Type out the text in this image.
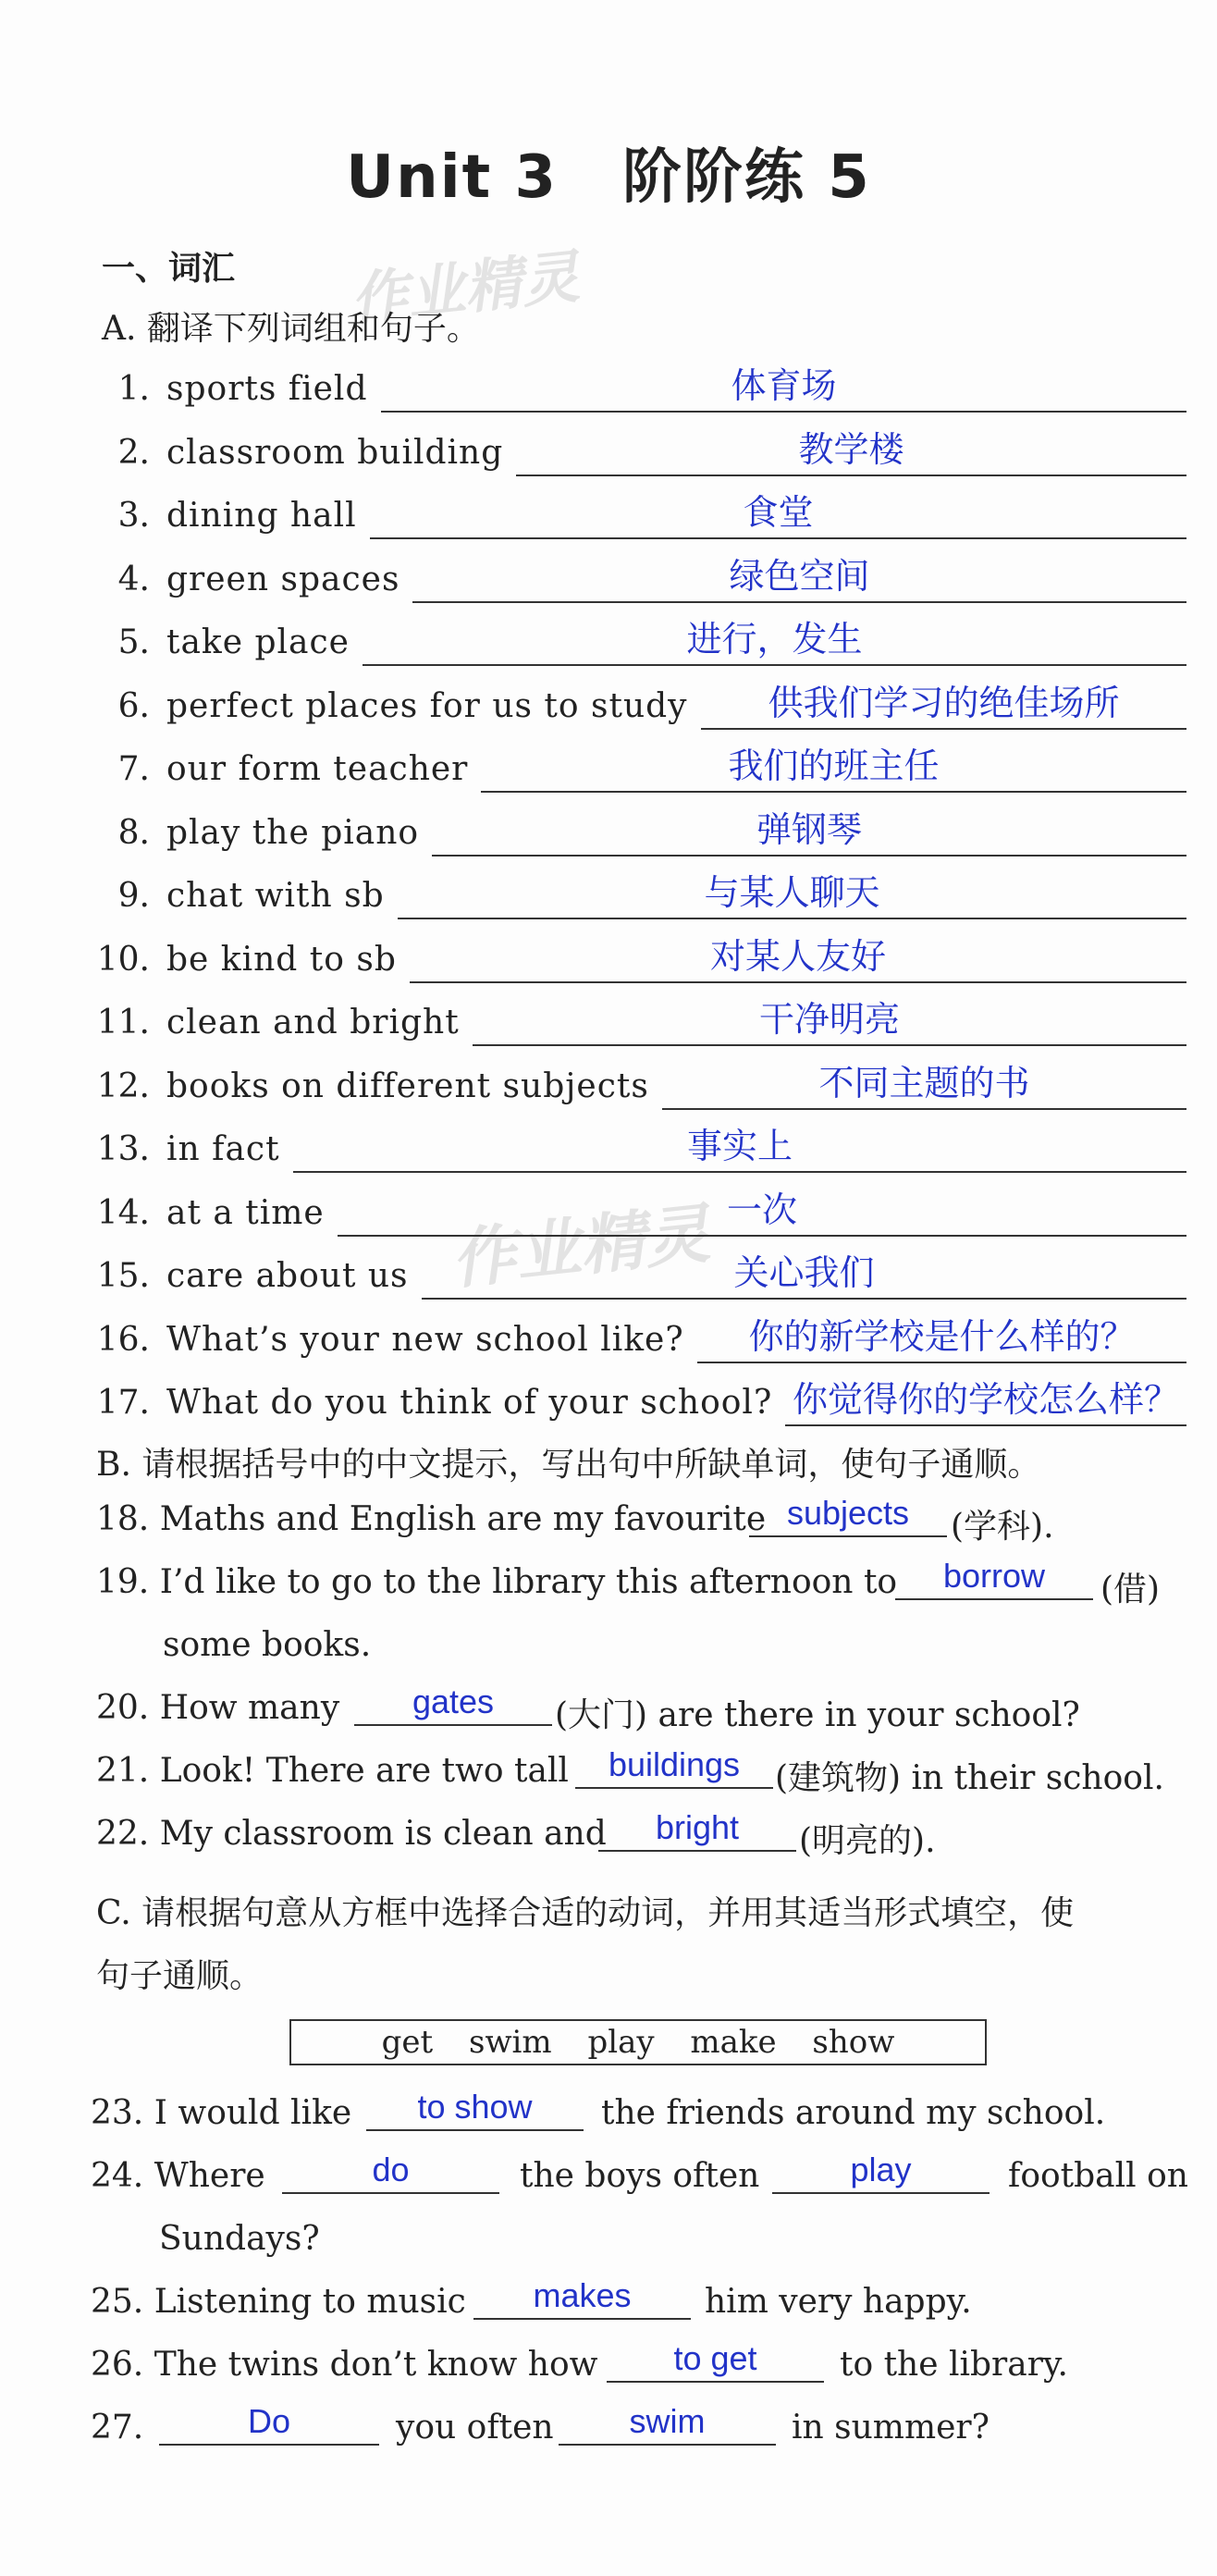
Unit 3 阶阶练 5
作业精灵
作业精灵
一、词汇
A. 翻译下列词组和句子。
1. sports field	体育场
2. classroom building	教学楼
3. dining hall	食堂
4. green spaces	绿色空间
5. take place	进行，发生
6. perfect places for us to study	供我们学习的绝佳场所
7. our form teacher	我们的班主任
8. play the piano	弹钢琴
9. chat with sb	与某人聊天
10. be kind to sb	对某人友好
11. clean and bright	干净明亮
12. books on different subjects	不同主题的书
13. in fact	事实上
14. at a time	一次
15. care about us	关心我们
16. What’s your new school like?	你的新学校是什么样的？
17. What do you think of your school? 你觉得你的学校怎么样？
B. 请根据括号中的中文提示，写出句中所缺单词，使句子通顺。
18. Maths and English are my favourite subjects	(学科).
19. I’d like to go to the library this afternoon to	borrow	(借)
some books.
20. How many	gates	(大门) are there in your school?
21. Look! There are two tall	buildings	(建筑物) in their school.
22. My classroom is clean and	bright	(明亮的).
C. 请根据句意从方框中选择合适的动词，并用其适当形式填空，使
句子通顺。
get swim play make show
23. I would like	to show	the friends around my school.
24. Where	do	the boys often	play	football on
Sundays?
25. Listening to music	makes	him very happy.
26. The twins don’t know how	to get	to the library.
27.	Do	you often	swim	in summer?
